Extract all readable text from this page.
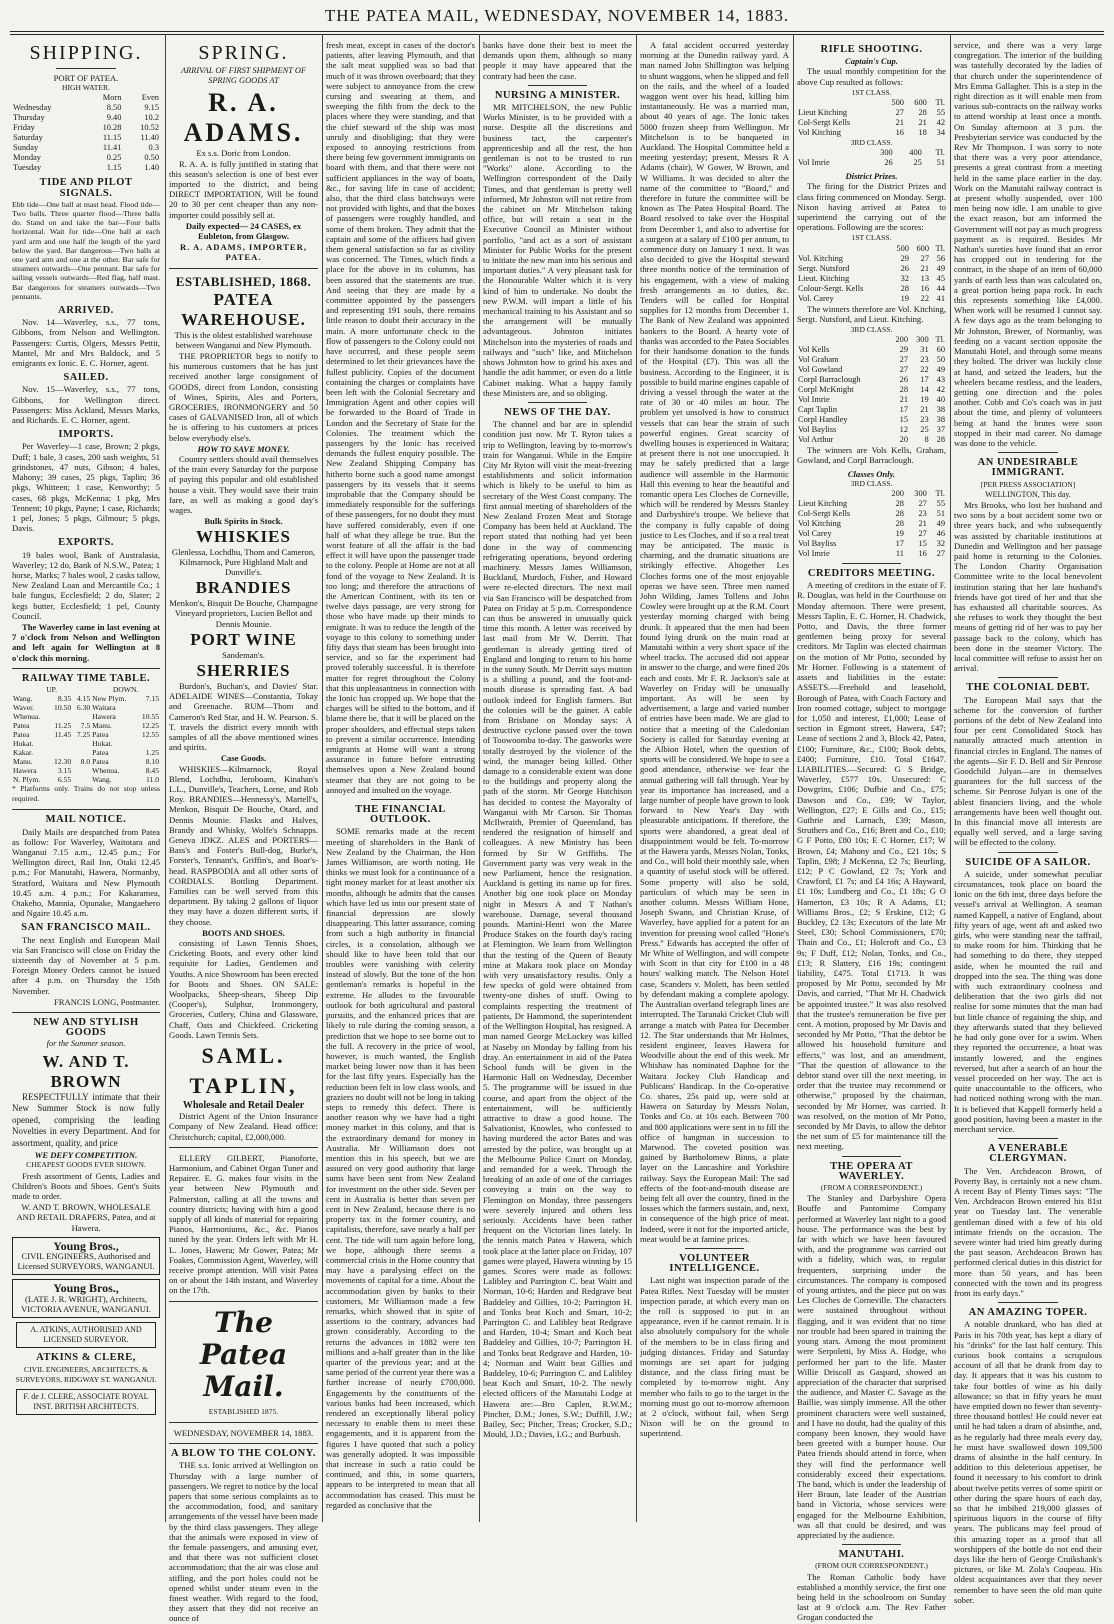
THE PATEA MAIL, WEDNESDAY, NOVEMBER 14, 1883.
SHIPPING.
PORT OF PATEA.
HIGH WATER.
	Morn	Even
Wednesday	8.50	9.15
Thursday	9.40	10.2
Friday	10.28	10.52
Saturday	11.15	11.40
Sunday	11.41	0.3
Monday	0.25	0.50
Tuesday	1.15	1.40
TIDE AND PILOT SIGNALS.

Ebb tide—One ball at mast head. Flood tide—Two balls. Three quarter flood—Three balls do. Stand on and take the bar—Four balls horizontal. Wait for tide—One ball at each yard arm and one half the length of the yard below the yard. Bar dangerous—Two balls at one yard arm and one at the other. Bar safe for steamers outwards—One pennant. Bar safe for sailing vessels outwards—Red flag, half mast. Bar dangerous for steamers outwards—Two pennants.

ARRIVED.

Nov. 14—Waverley, s.s., 77 tons, Gibbons, from Nelson and Wellington. Passengers: Curtis, Olgers, Messrs Pettit, Mantel, Mr and Mrs Baldock, and 5 emigrants ex Ionic. E. C. Horner, agent.

SAILED.

Nov. 15—Waverley, s.s., 77 tons, Gibbons, for Wellington direct. Passengers: Miss Ackland, Messrs Marks, and Richards. E. C. Horner, agent.

IMPORTS.

Per Waverley—1 case, Brown; 2 pkgs, Duff; 1 bale, 3 cases, 200 sash weights, 51 grindstones, 47 nuts, Gibson; 4 bales, Mahony; 39 cases, 25 pkgs, Taplin; 36 pkgs, Whitteen; 1 case, Kenworthy; 5 cases, 68 pkgs, McKenna; 1 pkg, Mrs Tennent; 10 pkgs, Payne; 1 case, Richards; 1 pel, Jones; 5 pkgs, Gilmour; 5 pkgs, Davis.

EXPORTS.

19 bales wool, Bank of Australasia, Waverley; 12 do, Bank of N.S.W., Patea; 1 horse, Marks; 7 bales wool, 2 casks tallow, New Zealand Loan and Mercantile Co.; 1 bale fungus, Ecclesfield; 2 do, Slater; 2 kegs butter, Ecclesfield; 1 pel, County Council.

The Waverley came in last evening at 7 o'clock from Nelson and Wellington and left again for Wellington at 8 o'clock this morning.

RAILWAY TIME TABLE.
UP.			DOWN.	
Wang.	8.35	4.15	New Plym.	7.15
Waver.	10.50	6.30	Waitara	
Whenua.			Hawera	10.55
Patea	11.25	7.5	Manu.	12.25
Patea	11.45	7.25	Patea	12.55
Hukat.			Hukat.	
Kakar.			Patea	1.25
Manu.	12.30	8.0	Patea	8.10
Hawera	3.15		Whenua.	8.45
N. Plym.	6.55		Wang.	11.0

* Platforms only. Trains do not stop unless required.

MAIL NOTICE.

Daily Mails are despatched from Patea as follow: For Waverley, Waitotara and Wanganui 7.15 a.m., 12.45 p.m.; For Wellington direct, Rail Inn, Otaki 12.45 p.m.; For Manutahi, Hawera, Normanby, Stratford, Waitara and New Plymouth 10.45 a.m. 4 p.m.; For Kakaramea, Otakeho, Mannia, Opunake, Mangaehero and Ngaire 10.45 a.m.

SAN FRANCISCO MAIL.

The next English and European Mail via San Francisco will close on Friday the sixteenth day of November at 5 p.m. Foreign Money Orders cannot be issued after 4 p.m. on Thursday the 15th November.

FRANCIS LONG, Postmaster.

NEW AND STYLISH GOODS
for the Summer season.
W. AND T. BROWN

RESPECTFULLY intimate that their New Summer Stock is now fully opened, comprising the leading Novelties in every Department. And for assortment, quality, and price

WE DEFY COMPETITION.
CHEAPEST GOODS EVER SHOWN.

Fresh assortment of Gents, Ladies and Children's Boots and Shoes. Gent's Suits made to order.

W. AND T. BROWN, WHOLESALE AND RETAIL DRAPERS, Patea, and at Hawera.

Young Bros.,
CIVIL ENGINEERS, Authorised and Licensed SURVEYORS, WANGANUI.
Young Bros.,
(LATE J. R. WRIGHT), Architects, VICTORIA AVENUE, WANGANUI.
A. ATKINS, AUTHORISED AND LICENSED SURVEYOR.
ATKINS & CLERE,

CIVIL ENGINEERS, ARCHITECTS, & SURVEYORS, RIDGWAY ST. WANGANUI.

F. de J. CLERE, ASSOCIATE ROYAL INST. BRITISH ARCHITECTS.
SPRING.
ARRIVAL OF FIRST SHIPMENT OF SPRING GOODS AT
R. A. ADAMS.
Ex s.s. Doric from London.

R. A. A. is fully justified in stating that this season's selection is one of best ever imported to the district, and being DIRECT IMPORTATION, Will be found 20 to 30 per cent cheaper than any non-importer could possibly sell at.

Daily expected— 24 CASES, ex Eubleton, from Glasgow.

R. A. ADAMS, IMPORTER, PATEA.
ESTABLISHED, 1868.
PATEA WAREHOUSE.

This is the oldest established warehouse between Wanganui and New Plymouth.

THE PROPRIETOR begs to notify to his numerous customers that he has just received another large consignment of GOODS, direct from London, consisting of Wines, Spirits, Ales and Porters, GROCERIES, IRONMONGERY and 50 cases of GALVANISED Iron, all of which he is offering to his customers at prices below everybody else's.

HOW TO SAVE MONEY.

Country settlers should avail themselves of the train every Saturday for the purpose of paying this popular and old established house a visit. They would save their train fare, as well as making a good day's wages.

Bulk Spirits in Stock.
WHISKIES

Glenlessa, Lochdhu, Thom and Cameron, Kilmarnock, Pure Highland Malt and Dunville's.

BRANDIES

Menkon's, Bisquit De Bouche, Champagne Vineyard proprietors, Lucien Bellot and Dennis Mounie.

PORT WINE

Sandeman's.

SHERRIES

Burdon's, Buchan's, and Davies' Star. ADELAIDE WINES—Constantia, Tokay and Greenache. RUM—Thom and Cameron's Red Star, and H. W. Pearson. S. T. travels the district every month with samples of all the above mentioned wines and spirits.

Case Goods.

WHISKIES—Kilmarnock, Royal Blend, Lochdhu, Jeroboam, Kinahan's L.L., Dunville's, Teachers, Lorne, and Rob Roy. BRANDIES—Hennessy's, Martell's, Menkon, Bisquit De Bouche, Otard, and Dennis Mounie. Flasks and Halves, Brandy and Whisky, Wolfe's Schnapps. Geneva JDKZ. ALES and PORTERS—Bass's and Foster's Bull-dog, Burke's, Forster's, Tennant's, Griffin's, and Boar's-head. RASPBODIA and all other sorts of CORDIALS. Bottling Department. Families can be well served from this department. By taking 2 gallons of liquor they may have a dozen different sorts, if they choose.

BOOTS AND SHOES.

consisting of Lawn Tennis Shoes, Cricketing Boots, and every other kind requisite for Ladies, Gentlemen and Youths. A nice Showroom has been erected for Boots and Shoes. ON SALE: Woolpacks, Sheep-shears, Sheep Dip (Cooper's), Sulphur, Ironmongery, Groceries, Cutlery, China and Glassware, Chaff, Oats and Chickfeed. Cricketing Goods. Lawn Tennis Sets.

SAML. TAPLIN,
Wholesale and Retail Dealer

District Agent of the Union Insurance Company of New Zealand. Head office: Christchurch; capital, £2,000,000.

ELLERY GILBERT, Pianoforte, Harmonium, and Cabinet Organ Tuner and Repairer. E. G. makes four visits in the year between New Plymouth and Palmerston, calling at all the towns and country districts; having with him a good supply of all kinds of material for repairing Pianos, Harmoniums, &c., &c. Pianos tuned by the year. Orders left with Mr H. L. Jones, Hawera; Mr Gower, Patea; Mr Foakes, Commission Agent, Waverley, will receive prompt attention. Will visit Patea on or about the 14th instant, and Waverley on the 17th.

The Patea Mail.
ESTABLISHED 1875.
WEDNESDAY, NOVEMBER 14, 1883.
A BLOW TO THE COLONY.

THE s.s. Ionic arrived at Wellington on Thursday with a large number of passengers. We regret to notice by the local papers that some serious complaints as to the accommodation, food, and sanitary arrangements of the vessel have been made by the third class passengers. They allege that the animals were exposed in view of the female passengers, and amusing ever, and that there was not sufficient closet accommodation; that the air was close and stifling, and the port holes could not be opened whilst under steam even in the finest weather. With regard to the food, they assert that they did not receive an ounce of

fresh meat, except in cases of the doctor's patients, after leaving Plymouth, and that the salt meat supplied was so bad that much of it was thrown overboard; that they were subject to annoyance from the crew cursing and swearing at them, and sweeping the filth from the deck to the places where they were standing, and that the chief steward of the ship was most unruly and disobliging; that they were exposed to annoying restrictions from there being few government immigrants on board with them, and that there were not sufficient appliances in the way of boats, &c., for saving life in case of accident; also, that the third class batchways were not provided with lights, and that the boxes of passengers were roughly handled, and some of them broken. They admit that the captain and some of the officers had given them general satisfaction so far as civility was concerned. The Times, which finds a place for the above in its columns, has been assured that the statements are true. And seeing that they are made by a committee appointed by the passengers and representing 191 souls, there remains little reason to doubt their accuracy in the main. A more unfortunate check to the flow of passengers to the Colony could not have occurred, and these people seem determined to let their grievances have the fullest publicity. Copies of the document containing the charges or complaints have been left with the Colonial Secretary and Immigration Agent and other copies will be forwarded to the Board of Trade in London and the Secretary of State for the Colonies. The treatment which the passengers by the Ionic has received demands the fullest enquiry possible. The New Zealand Shipping Company has hitherto borne such a good name amongst passengers by its vessels that it seems improbable that the Company should be immediately responsible for the sufferings of these passengers, for no doubt they must have suffered considerably, even if one half of what they allege be true. But the worst feature of all the affair is the bad effect it will have upon the passenger trade to the colony. People at Home are not at all fond of the voyage to New Zealand. It is too long; and therefore the attractions of the American Continent, with its ten or twelve days passage, are very strong for those who have made up their minds to emigrate. It was to reduce the length of the voyage to this colony to something under fifty days that steam has been brought into service, and so far the experiment had proved tolerably successful. It is therefore matter for regret throughout the Colony that this unpleasantness in connection with the Ionic has cropped up. We hope that the charges will be sifted to the bottom, and if blame there be, that it will be placed on the proper shoulders, and effectual steps taken to prevent a similar occurrence. Intending emigrants at Home will want a strong assurance in future before entrusting themselves upon a New Zealand bound steamer that they are not going to be annoyed and insulted on the voyage.

THE FINANCIAL OUTLOOK.

SOME remarks made at the recent meeting of shareholders in the Bank of New Zealand by the Chairman, the Hon James Williamson, are worth noting. He thinks we must look for a continuance of a tight money market for at least another six months, although he admits that the causes which have led us into our present state of financial depression are slowly disappearing. This latter assurance, coming from such a high authority in financial circles, is a consolation, although we should like to have been told that our troubles were vanishing with celerity instead of slowly. But the tone of the hon gentleman's remarks is hopeful in the extreme. He alludes to the favourable outlook for both agricultural and pastoral pursuits, and the enhanced prices that are likely to rule during the coming season, a prediction that we hope to see borne out to the full. A recovery in the price of wool, however, is much wanted, the English market being lower now than it has been for the last fifty years. Especially has the reduction been felt in low class wools, and graziers no doubt will not be long in taking steps to remedy this defect. There is another reason why we have had a tight money market in this colony, and that is the extraordinary demand for money in Australia. Mr Williamson does not mention this in his speech, but we are assured on very good authority that large sums have been sent from New Zealand for investment on the other side. Seven per cent in Australia is better than seven per cent in New Zealand, because there is no property tax in the former country, and capitalists, therefore, save nearly a half per cent. The tide will turn again before long, we hope, although there seems a commercial crisis in the Home country that may have a paralysing effect on the movements of capital for a time. About the accommodation given by banks to their customers, Mr Williamson made a few remarks, which showed that in spite of assertions to the contrary, advances had grown considerably. According to the returns the advances in 1882 were ten millions and a-half greater than in the like quarter of the previous year; and at the same period of the current year there was a further increase of nearly £700,000. Engagements by the constituents of the various banks had been increased, which rendered an exceptionally liberal policy necessary to enable them to meet these engagements, and it is apparent from the figures I have quoted that such a policy was generally adopted. It was impossible that increase in such a ratio could be continued, and this, in some quarters, appears to be interpreted to mean that all accommodation has ceased. This must be regarded as conclusive that the

banks have done their best to meet the demands upon them, although so many people it may have appeared that the contrary had been the case.

NURSING A MINISTER.

MR MITCHELSON, the new Public Works Minister, is to be provided with a nurse. Despite all the discretions and business tact, the carpenter's apprenticeship and all the rest, the hon gentleman is not to be trusted to run "Works" alone. According to the Wellington correspondent of the Daily Times, and that gentleman is pretty well informed, Mr Johnston will not retire from the cabinet on Mr Mitchelson taking office, but will retain a seat in the Executive Council as Minister without portfolio, "and act as a sort of assistant Minister for Public Works for the present to initiate the new man into his serious and important duties." A very pleasant task for the Honourable Walter which it is very kind of him to undertake. No doubt the new P.W.M. will impart a little of his mechanical training to his Assistant and so the arrangement will be mutually advantageous. Johnston initiates Mitchelson into the mysteries of roads and railways and "such" like, and Mitchelson shows Johnston how to grind his axes and handle the adit hammer, or even do a little Cabinet making. What a happy family these Ministers are, and so obliging.

NEWS OF THE DAY.

The channel and bar are in splendid condition just now. Mr T. Ryton takes a trip to Wellington, leaving by to-morrow's train for Wanganui. While in the Empire City Mr Ryton will visit the meat-freezing establishments and solicit information which is likely to be useful to him as secretary of the West Coast company. The first annual meeting of shareholders of the New Zealand Frozen Meat and Storage Company has been held at Auckland. The report stated that nothing had yet been done in the way of commencing refrigerating operations, beyond ordering machinery. Messrs James Williamson, Buckland, Murdoch, Fisher, and Howard were re-elected directors. The next mail via San Francisco will be despatched from Patea on Friday at 5 p.m. Correspondence can thus be answered in unusually quick time this month. A letter was received by last mail from Mr W. Derritt. That gentleman is already getting tired of England and longing to return to his home in the sunny South. Mr Derritt says mutton is a shilling a pound, and the foot-and-mouth disease is spreading fast. A bad outlook indeed for English farmers. But the colonies will be the gainer. A cable from Brisbane on Monday says: A destructive cyclone passed over the town of Toowoomba to-day. The gasworks were totally destroyed by the violence of the wind, the manager being killed. Other damage to a considerable extent was done to the buildings and property along the path of the storm. Mr George Hutchison has decided to contest the Mayoralty of Wanganui with Mr Carson. Sir Thomas McIlwraith, Premier of Queensland, has tendered the resignation of himself and colleagues. A new Ministry has been formed by Sir W Griffiths. The Government party was very weak in the new Parliament, hence the resignation. Auckland is getting its name up for fires. Another big one took place on Monday night in Messrs A and T Nathan's warehouse. Damage, several thousand pounds. Martini-Henri won the Maree Produce Stakes on the fourth day's racing at Flemington. We learn from Wellington that the testing of the Queen of Beauty mine at Makara took place on Monday with very unsatisfactory results. Only a few specks of gold were obtained from twenty-one dishes of stuff. Owing to complaints respecting the treatment of patients, Dr Hammond, the superintendent of the Wellington Hospital, has resigned. A man named George McLockey was killed at Naseby on Monday by falling from his dray. An entertainment in aid of the Patea School funds will be given in the Harmonic Hall on Wednesday, December 5. The programme will be issued in due course, and apart from the object of the entertainment, will be sufficiently attractive to draw a good house. The Salvationist, Knowles, who confessed to having murdered the actor Bates and was arrested by the police, was brought up at the Melbourne Police Court on Monday, and remanded for a week. Through the breaking of an axle of one of the carriages conveying a train on the way to Flemington on Monday, three passengers were severely injured and others less seriously. Accidents have been rather frequent on the Victorian lines lately. In the tennis match Patea v Hawera, which took place at the latter place on Friday, 107 games were played, Hawera winning by 15 games. Scores were made as follows: Lalibley and Parrington C. beat Waitt and Norman, 10-6; Harden and Redgrave beat Baddeley and Gillies, 10-2; Parrington H. and Tonks beat Koch and Smart, 10-2; Parrington C. and Lalibley beat Redgrave and Harden, 10-4; Smart and Koch beat Baddeley and Gillies, 10-7; Parrington H. and Tonks beat Redgrave and Harden, 10-4; Norman and Waitt beat Gillies and Baddeley, 10-6; Parrington C. and Lalibley beat Koch and Smart, 10-2. The newly elected officers of the Manutahi Lodge at Hawera are:—Bro Caplen, R.W.M.; Pincher, D.M.; Jones, S.W.; Duffill, J.W.; Bailey, Sec; Pitcher, Treas; Crocker, S.D.; Mould, J.D.; Davies, I.G.; and Burbush.

A fatal accident occurred yesterday morning at the Dunedin railway yard. A man named John Shillington was helping to shunt waggons, when he slipped and fell on the rails, and the wheel of a loaded waggon went over his head, killing him instantaneously. He was a married man, about 40 years of age. The Ionic takes 5000 frozen sheep from Wellington. Mr Mitchelson is to be banqueted in Auckland. The Hospital Committee held a meeting yesterday; present, Messrs R A Adams (chair), W Gower, W Brown, and W Williams. It was decided to alter the name of the committee to "Board," and therefore in future the committee will be known as The Patea Hospital Board. The Board resolved to take over the Hospital from December 1, and also to advertise for a surgeon at a salary of £100 per annum, to commence duty on January 1 next. It was also decided to give the Hospital steward three months notice of the termination of his engagement, with a view of making fresh arrangements as to duties, &c. Tenders will be called for Hospital supplies for 12 months from December 1. The Bank of New Zealand was appointed bankers to the Board. A hearty vote of thanks was accorded to the Patea Sociables for their handsome donation to the funds of the Hospital (£7). This was all the business. According to the Engineer, it is possible to build marine engines capable of driving a vessel through the water at the rate of 30 or 40 miles an hour. The problem yet unsolved is how to construct vessels that can bear the strain of such powerful engines. Great scarcity of dwelling houses is experienced in Waitara; at present there is not one unoccupied. It may be safely predicted that a large audience will assemble in the Harmonic Hall this evening to hear the beautiful and romantic opera Les Cloches de Corneville, which will be rendered by Messrs Stanley and Darbyshire's troupe. We believe that the company is fully capable of doing justice to Les Cloches, and if so a real treat may be anticipated. The music is charming, and the dramatic situations are strikingly effective. Altogether Les Cloches forms one of the most enjoyable operas we have seen. Three men named John Wilding, James Tollens and John Cowley were brought up at the R.M. Court yesterday morning charged with being drunk. It appeared that the men had been found lying drunk on the main road at Manutahi within a very short space of the wheel tracks. The accused did not appear in answer to the charge, and were fined 20s each and costs. Mr F. R. Jackson's sale at Waverley on Friday will be unusually important. As will be seen by advertisement, a large and varied number of entries have been made. We are glad to notice that a meeting of the Caledonian Society is called for Saturday evening at the Albion Hotel, when the question of sports will be considered. We hope to see a good attendance, otherwise we fear the annual gathering will fall through. Year by year its importance has increased, and a large number of people have grown to look forward to New Year's Day with pleasurable anticipations. If therefore, the sports were abandoned, a great deal of disappointment would be felt. To-morrow at the Hawera yards, Messrs Nolan, Tonks, and Co., will hold their monthly sale, when a quantity of useful stock will be offered. Some property will also be sold, particulars of which may be seen in another column. Messrs William Hone, Joseph Swann, and Christian Kruse, of Waverley, have applied for a patent for an invention for pressing wool called "Hone's Press." Edwards has accepted the offer of Mr White of Wellington, and will compete with Scott in that city for £100 in a 48 hours' walking match. The Nelson Hotel case, Scanders v. Molett, has been settled by defendant making a complete apology. The Australian overland telegraph lines are interrupted. The Taranaki Cricket Club will arrange a match with Patea for December 12. The Star understands that Mr Holmes, resident engineer, leaves Hawera for Woodville about the end of this week. Mr Whishaw has nominated Daphne for the Waitara Jockey Club Handicap and Publicans' Handicap. In the Co-operative Co. shares, 25s paid up, were sold at Hawera on Saturday by Messrs Nolan, Tonks and Co. at 10s each. Between 700 and 800 applications were sent in to fill the office of hangman in succession to Marwood. The coveted position was gained by Bartholomew Binns, a plate layer on the Lancashire and Yorkshire railway. Says the European Mail: The sad effects of the foot-and-mouth disease are being felt all over the country, fined in the losses which the farmers sustain, and, next, in consequence of the high price of meat. Indeed, were it not for the imported article, meat would be at famine prices.

VOLUNTEER INTELLIGENCE.

Last night was inspection parade of the Patea Rifles. Next Tuesday will be muster inspection parade, at which every man on the roll is supposed to put in an appearance, even if he cannot remain. It is also absolutely compulsory for the whole of the members to be in class firing and judging distances. Friday and Saturday mornings are set apart for judging distance, and the class firing must be completed by to-morrow night. Any member who fails to go to the target in the morning must go out to-morrow afternoon at 2 o'clock, without fail, when Sergt Nixon will be on the ground to superintend.

RIFLE SHOOTING.
Captain's Cup.

The usual monthly competition for the above Cup resulted as follows:

1ST CLASS.
	500	600	Tl.
Lieut Kitching	27	28	55
Col-Sergt Kells	21	21	42
Vol Kitching	16	18	34
3RD CLASS.
	300	400	Tl.
Vol Imrie	26	25	51
District Prizes.

The firing for the District Prizes and class firing commenced on Monday. Sergt. Nixon having arrived at Patea to superintend the carrying out of the operations. Following are the scores:

1ST CLASS.
	500	600	Tl.
Vol. Kitching	29	27	56
Sergt. Nutsford	26	21	49
Lieut. Kitching	32	13	45
Colour-Sergt. Kells	28	16	44
Vol. Carey	19	22	41

The winners therefore are Vol. Kitching, Sergt. Nutsford, and Lieut. Kitching.

3RD CLASS.
	200	300	Tl.
Vol Kells	29	31	60
Vol Graham	27	23	50
Vol Gowland	27	22	49
Corpl Barraclough	26	17	43
Corpl McKnight	28	14	42
Vol Imrie	21	19	40
Capt Taplin	17	21	38
Corpl Handley	15	23	38
Vol Bayliss	12	25	37
Vol Arthur	20	8	28

The winners are Vols Kells, Graham, Gowland, and Corpl Barraclough.

Classes Only.
3RD CLASS.
	200	300	Tl.
Lieut Kitching	28	27	55
Col-Sergt Kells	28	23	51
Vol Kitching	28	21	49
Vol Carey	19	27	46
Vol Bayliss	17	15	32
Vol Imrie	11	16	27
CREDITORS MEETING.

A meeting of creditors in the estate of F. R. Douglas, was held in the Courthouse on Monday afternoon. There were present, Messrs Taplin, E. C. Horner, H. Chadwick, Potto, and Davis, the three former gentlemen being proxy for several creditors. Mr Taplin was elected chairman on the motion of Mr Potto, seconded by Mr Horner. Following is a statement of assets and liabilities in the estate: ASSETS.—Freehold and leasehold, Borough of Patea, with Coach Factory and Iron roomed cottage, subject to mortgage for 1,050 and interest, £1,000; Lease of section in Egmont street, Hawera, £47; Lease of sections 2 and 3, Block 42, Patea, £100; Furniture, &c., £100; Book debts, £400; Furniture, £10. Total £1647. LIABILITIES.—Secured: G S Bridge, Waverley, £577 10s. Unsecured: C Dowgrins, £106; Dufbie and Co., £75; Dawson and Co., £39; W Taylor, Wellington, £27; E Gills and Co., £15; Guthrie and Larnach, £39; Mason, Struthers and Co., £16; Brett and Co., £10; G F Potto, £80 10s; E C Horner, £17; W Brown, £4; Mahony and Co., £21 10s; S Taplin, £98; J McKenna, £2 7s; Beurling, £12; P C Gowland, £2 7s; York and Crawford, £1 7s; and £4 16s; A Hayward, £1 10s; Lundberg and Co., £1 18s; G O Hamerton, £3 10s; R A Adams, £1; Williams Bros., £2; S Erskine, £12; G Buckley, £2 13s; Executors of the late Mr Steel, £30; School Commissioners, £70; Thain and Co., £1; Holcroft and Co., £3 9s; F Duff, £12; Nolan, Tonks, and Co., £13; R Slattery, £16 19s; contingent liability, £475. Total £1713. It was proposed by Mr Potto, seconded by Mr Davis, and carried, "That Mr H. Chadwick be appointed trustee." It was also resolved that the trustee's remuneration be five per cent. A motion, proposed by Mr Davis and seconded by Mr Potto, "That the debtor be allowed his household furniture and effects," was lost, and an amendment, "That the question of allowance to the debtor stand over till the next meeting, in order that the trustee may recommend or otherwise," proposed by the chairman, seconded by Mr Horner, was carried. It was resolved, on the motion of Mr Potto, seconded by Mr Davis, to allow the debtor the net sum of £5 for maintenance till the next meeting.

THE OPERA AT WAVERLEY.
(FROM A CORRESPONDENT.)

The Stanley and Darbyshire Opera Bouffe and Pantomime Company performed at Waverley last night to a good house. The performance was the best by far with which we have been favoured with, and the programme was carried out with a fidelity, which was, to regular frequenters, surprising under the circumstances. The company is composed of young artistes, and the piece put on was Les Cloches de Corneville. The characters were sustained throughout without flagging, and it was evident that no time nor trouble had been spared in training the young stars. Among the most prominent were Serpoletti, by Miss A. Hodge, who performed her part to the life. Master Willie Driscoll as Gaspard, showed an appreciation of the character that surprised the audience, and Master C. Savage as the Baillie, was simply immense. All the other prominent characters were well sustained, and I have no doubt, had the quality of this company been known, they would have been greeted with a bumper house. Our Patea friends should attend in force, when they will find the performance well considerably exceed their expectations. The band, which is under the leadership of Herr Braun, late leader of the Austrian band in Victoria, whose services were engaged for the Melbourne Exhibition, was all that could be desired, and was appreciated by the audience.

MANUTAHI.
(FROM OUR CORRESPONDENT.)

The Roman Catholic body have established a monthly service, the first one being held in the schoolroom on Sunday last at 9 o'clock a.m. The Rev Father Grogan conducted the

service, and there was a very large congregation. The interior of the building was tastefully decorated by the ladies of that church under the superintendence of Mrs Emma Gallagher. This is a step in the right direction as it will enable men from various sub-contracts on the railway works to attend worship at least once a month. On Sunday afternoon at 3 p.m. the Presbyterian service was conducted by the Rev Mr Thompson. I was sorry to note that there was a very poor attendance, presents a great contrast from a meeting held in the same place earlier in the day. Work on the Manutahi railway contract is at present wholly suspended, over 100 men being now idle. I am unable to give the exact reason, but am informed the Government will not pay as much progress payment as is required. Besides Mr Nathan's sureties have found that an error has cropped out in tendering for the contract, in the shape of an item of 60,000 yards of earth less than was calculated on, a great portion being papa rock. In each this represents something like £4,000. When work will be resumed I cannot say. A few days ago as the team belonging to Mr Johnston, Brewer, of Normanby, was feeding on a vacant section opposite the Manutahi Hotel, and through some means they bolted. The driver was luckily close at hand, and seized the leaders, but the wheelers became restless, and the leaders, getting one direction and the poles another. Cobb and Co's coach was in just about the time, and plenty of volunteers being at hand the brutes were soon stopped in their mad career. No damage was done to the vehicle.

AN UNDESIRABLE IMMIGRANT.
[PER PRESS ASSOCIATION]
WELLINGTON, This day.

Mrs Brooks, who lost her husband and two sons by a boat accident some two or three years back, and who subsequently was assisted by charitable institutions at Dunedin and Wellington and her passage paid home is returning to the Colonies. The London Charity Organisation Committee write to the local benevolent institution stating that her late husband's friends have got tired of her and that she has exhausted all charitable sources. As she refuses to work they thought the best means of getting rid of her was to pay her passage back to the colony, which has been done in the steamer Victory. The local committee will refuse to assist her on arrival.

THE COLONIAL DEBT.

The European Mail says that the scheme for the conversion of further portions of the debt of New Zealand into four per cent Consolidated Stock has naturally attracted much attention in financial circles in England. The names of the agents—Sir F. D. Bell and Sir Penrose Goodchild Julyan—are in themselves guarantees for the full success of the scheme. Sir Penrose Julyan is one of the ablest financiers living, and the whole arrangements have been well thought out. In this financial move all interests are equally well served, and a large saving will be effected to the colony.

SUICIDE OF A SAILOR.

A suicide, under somewhat peculiar circumstances, took place on board the Ionic on the 6th inst, three days before the vessel's arrival at Wellington. A seaman named Kappell, a native of England, about fifty years of age, went aft and asked two girls, who were standing near the taffrail, to make room for him. Thinking that he had something to do there, they stepped aside, when he mounted the rail and dropped into the sea. The thing was done with such extraordinary coolness and deliberation that the two girls did not realise for some minutes that the man had but little chance of regaining the ship, and they afterwards stated that they believed he had only gone over for a swim. When they reported the occurrence, a boat was instantly lowered, and the engines reversed, but after a search of an hour the vessel proceeded on her way. The act is quite unaccountable to the officers, who had noticed nothing wrong with the man. It is believed that Kappell formerly held a good position, having been a master in the merchant service.

A VENERABLE CLERGYMAN.

The Ven. Archdeacon Brown, of Poverty Bay, is certainly not a new chum. A recent Bay of Plenty Times says: "The Ven. Archdeacon Brown entered his 81st year on Tuesday last. The venerable gentleman dined with a few of his old intimate friends on the occasion. The severe winter had tried him greatly during the past season. Archdeacon Brown has performed clerical duties in this district for more than 50 years, and has been connected with the town and its progress from its early days."

AN AMAZING TOPER.

A notable drunkard, who has died at Paris in his 70th year, has kept a diary of his "drinks" for the last half century. This curious book contains a scrupulous account of all that he drank from day to day. It appears that it was his custom to take four bottles of wine as his daily allowance; so that in fifty years he must have emptied down no fewer than seventy-three thousand bottles! He could never eat until he had taken a dram of absinthe, and, as he regularly had three meals every day, he must have swallowed down 109,500 drams of absinthe in the half century. In addition to this deleterious appetiser, he found it necessary to his comfort to drink about twelve petits verres of some spirit or other during the spare hours of each day, so that he imbibed 219,000 glasses of spirituous liquors in the course of fifty years. The publicans may feel proud of this amazing toper as a proof that all worshippers of the bottle do not end their days like the hero of George Cruikshank's pictures, or like M. Zola's Coupeau. His oldest acquaintances aver that they never remember to have seen the old man quite sober.
